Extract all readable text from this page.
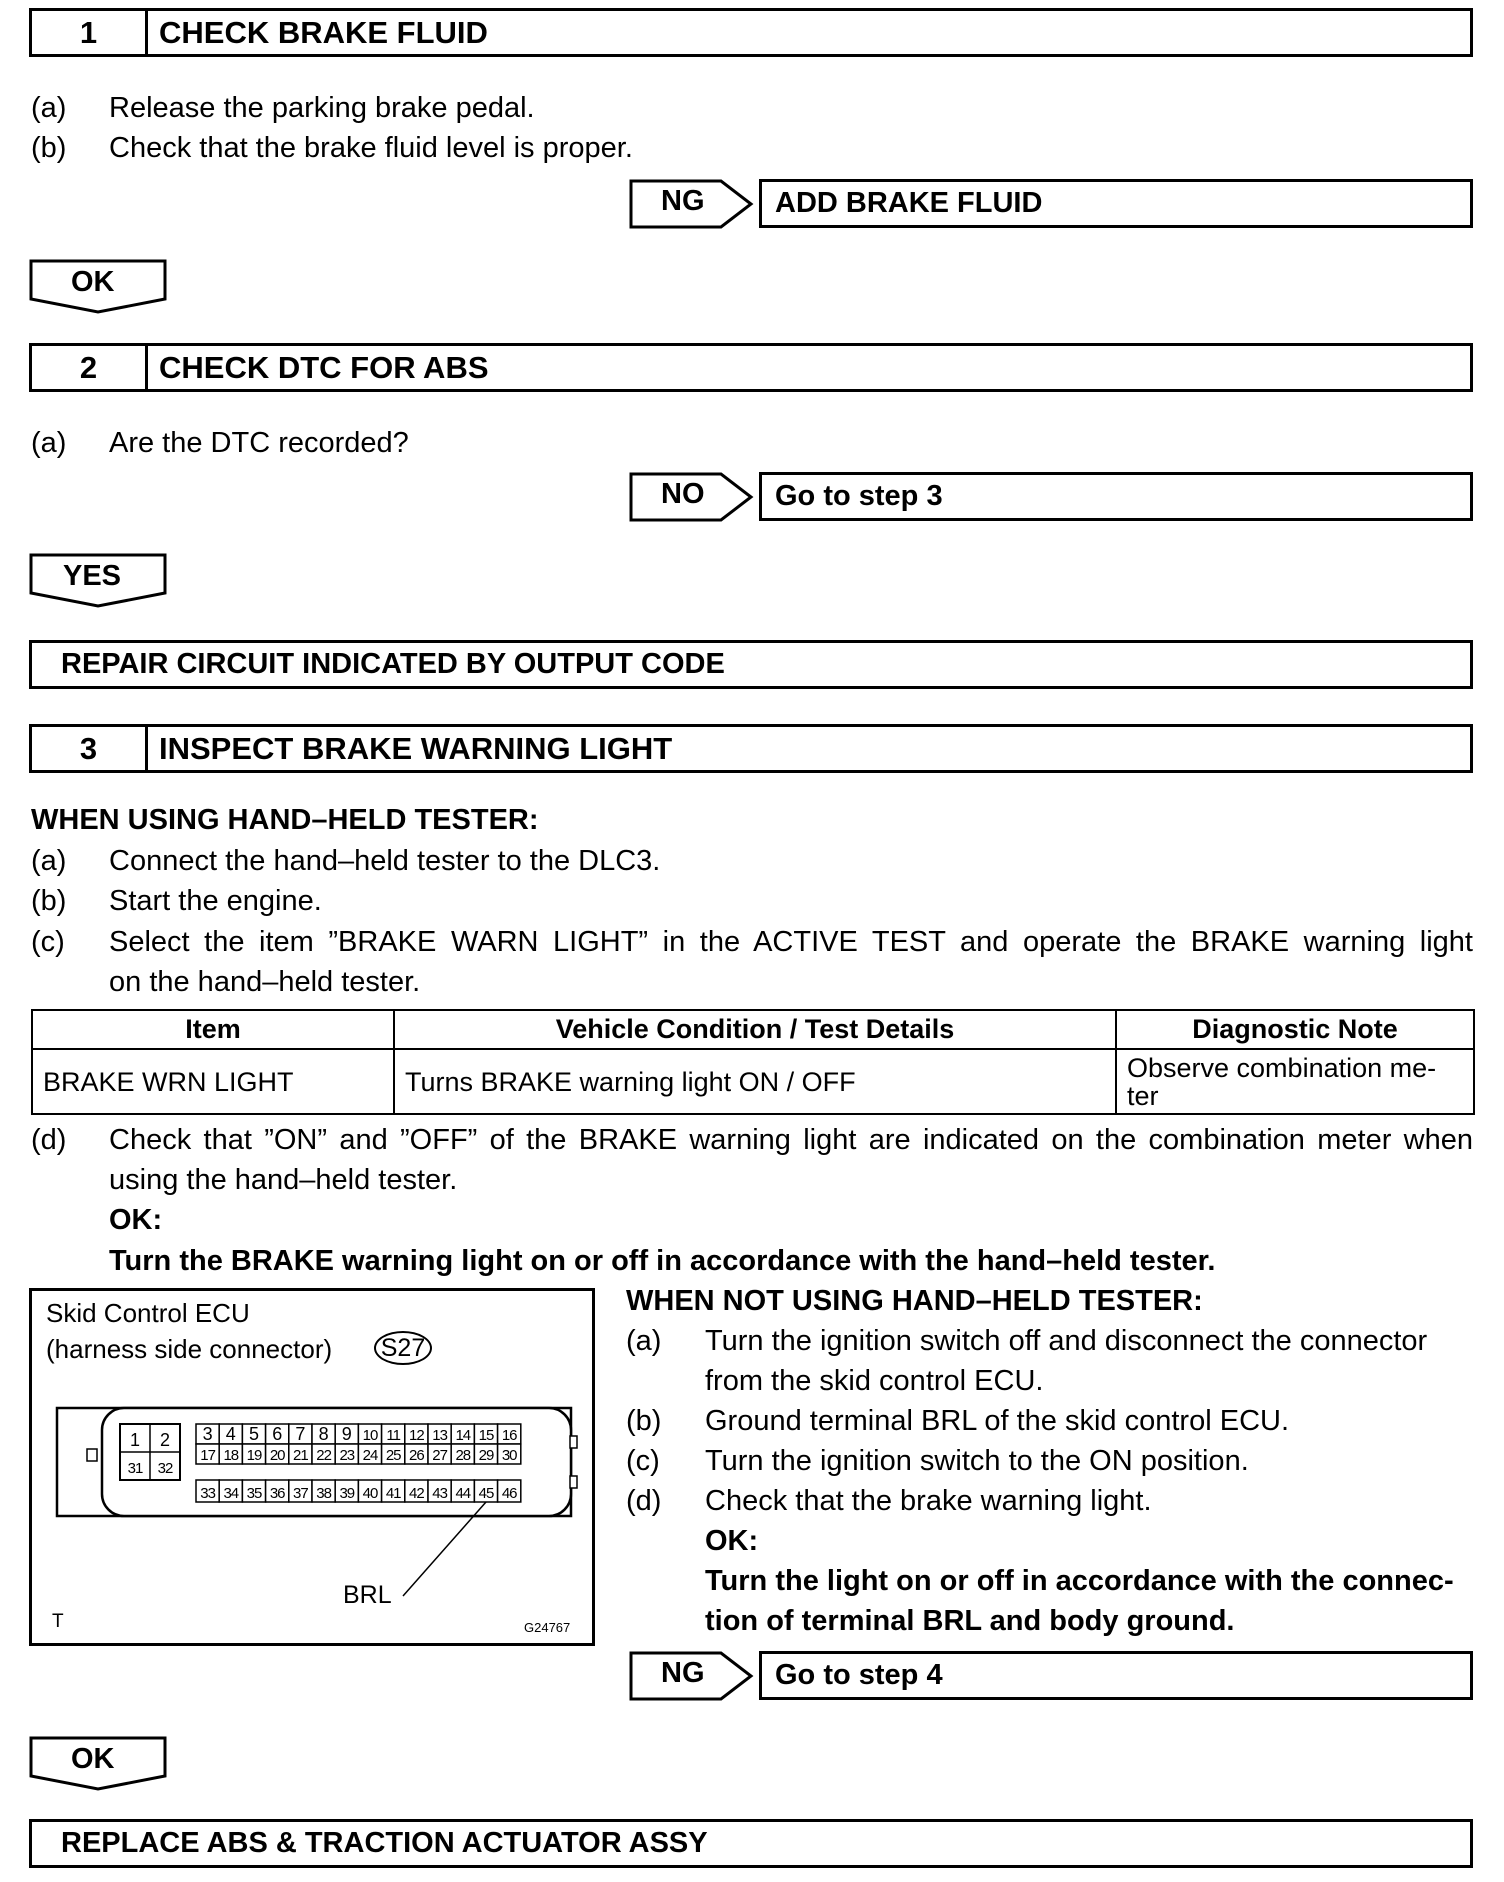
1	CHECK BRAKE FLUID
(a) Release the parking brake pedal.
(b) Check that the brake fluid level is proper.
NG	ADD BRAKE FLUID
OK
2	CHECK DTC FOR ABS
(a) Are the DTC recorded?
NO	Go to step 3
YES
REPAIR CIRCUIT INDICATED BY OUTPUT CODE
3	INSPECT BRAKE WARNING LIGHT
WHEN USING HAND–HELD TESTER:
(a) Connect the hand–held tester to the DLC3.
(b) Start the engine.
(c) Select the item ”BRAKE WARN LIGHT” in the ACTIVE TEST and operate the BRAKE warning light
on the hand–held tester.
Item	Vehicle Condition / Test Details	Diagnostic Note
BRAKE WRN LIGHT	Turns BRAKE warning light ON / OFF	Observe combination me-
ter
(d) Check that ”ON” and ”OFF” of the BRAKE warning light are indicated on the combination meter when
using the hand–held tester.
OK:
Turn the BRAKE warning light on or off in accordance with the hand–held tester.
1 2
31 32
3 4 5 6 7 8 9 10 11 12 13 14 15 16
17 18 19 20 21 22 23 24 25 26 27 28 29 30
33 34 35 36 37 38 39 40 41 42 43 44 45 46
Skid Control ECU
(harness side connector) S27
BRL
T	G24767
WHEN NOT USING HAND–HELD TESTER:
(a) Turn the ignition switch off and disconnect the connector
from the skid control ECU.
(b) Ground terminal BRL of the skid control ECU.
(c) Turn the ignition switch to the ON position.
(d) Check that the brake warning light.
OK:
Turn the light on or off in accordance with the connec-
tion of terminal BRL and body ground.
NG	Go to step 4
OK
REPLACE ABS & TRACTION ACTUATOR ASSY
